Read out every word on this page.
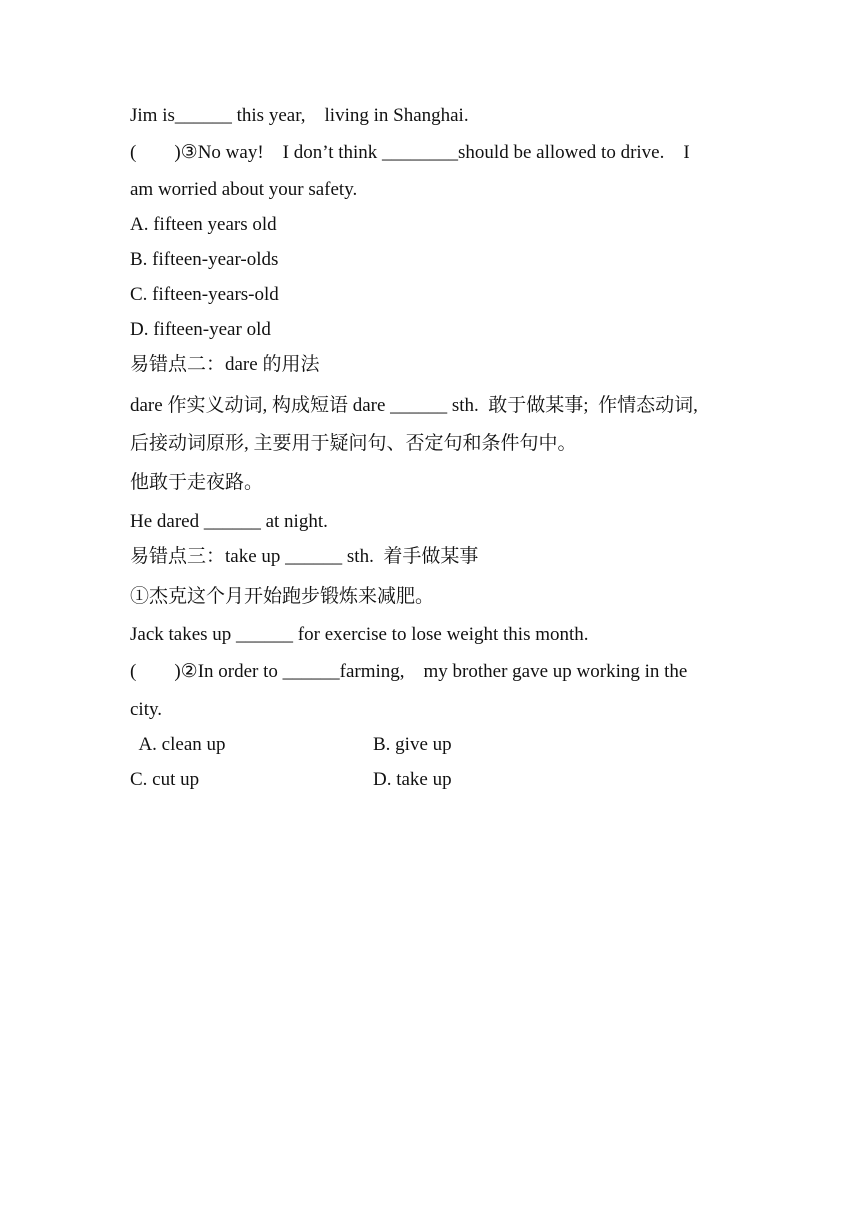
Jim is______ this year,    living in Shanghai.
(        )③No way!    I don’t think ________should be allowed to drive.    I
am worried about your safety.
A. fifteen years old
B. fifteen-year-olds
C. fifteen-years-old
D. fifteen-year old
易错点二：dare 的用法
dare 作实义动词, 构成短语 dare ______ sth.  敢于做某事;  作情态动词,
后接动词原形, 主要用于疑问句、否定句和条件句中。
他敢于走夜路。
He dared ______ at night.
易错点三：take up ______ sth.  着手做某事
①杰克这个月开始跑步锻炼来减肥。
Jack takes up ______ for exercise to lose weight this month.
(        )②In order to ______farming,    my brother gave up working in the
city.
A. clean up	B. give up
C. cut up	D. take up
